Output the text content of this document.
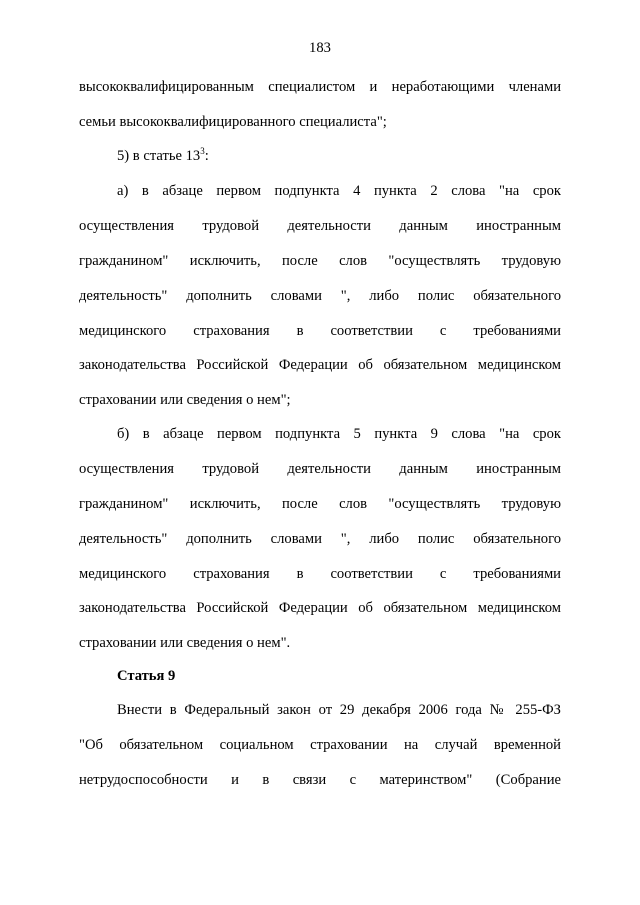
183
высококвалифицированным специалистом и неработающими членами
семьи высококвалифицированного специалиста";
5) в статье $13^3$:
а) в абзаце первом подпункта 4 пункта 2 слова "на срок
осуществления трудовой деятельности данным иностранным
гражданином" исключить, после слов "осуществлять трудовую
деятельность" дополнить словами ", либо полис обязательного
медицинского страхования в соответствии с требованиями
законодательства Российской Федерации об обязательном медицинском
страховании или сведения о нем";
б) в абзаце первом подпункта 5 пункта 9 слова "на срок
осуществления трудовой деятельности данным иностранным
гражданином" исключить, после слов "осуществлять трудовую
деятельность" дополнить словами ", либо полис обязательного
медицинского страхования в соответствии с требованиями
законодательства Российской Федерации об обязательном медицинском
страховании или сведения о нем".
Статья 9
Внести в Федеральный закон от 29 декабря 2006 года № 255-ФЗ
"Об обязательном социальном страховании на случай временной
нетрудоспособности и в связи с материнством" (Собрание
